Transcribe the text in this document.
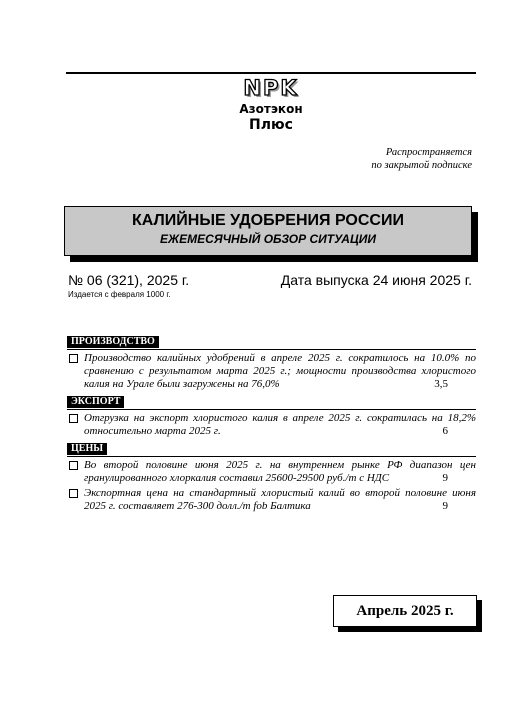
NPK
Азотэкон
Плюс
Распространяется
по закрытой подписке
КАЛИЙНЫЕ УДОБРЕНИЯ РОССИИ
ЕЖЕМЕСЯЧНЫЙ ОБЗОР СИТУАЦИИ
№ 06 (321), 2025 г.	Дата выпуска 24 июня 2025 г.
Издается с февраля 1000 г.
ПРОИЗВОДСТВО
Производство калийных удобрений в апреле 2025 г. сократилось на 10.0% по сравнению с результатом марта 2025 г.; мощности производства хлористого калия на Урале были загружены на 76,0%	3,5
ЭКСПОРТ
Отгрузка на экспорт хлористого калия в апреле 2025 г. сократилась на 18,2% относительно марта 2025 г.	6
ЦЕНЫ
Во второй половине июня 2025 г. на внутреннем рынке РФ диапазон цен гранулированного хлоркалия составил 25600-29500 руб./т с НДС	9
Экспортная цена на стандартный хлористый калий во второй половине июня 2025 г. составляет 276-300 долл./т fob Балтика	9
Апрель 2025 г.
